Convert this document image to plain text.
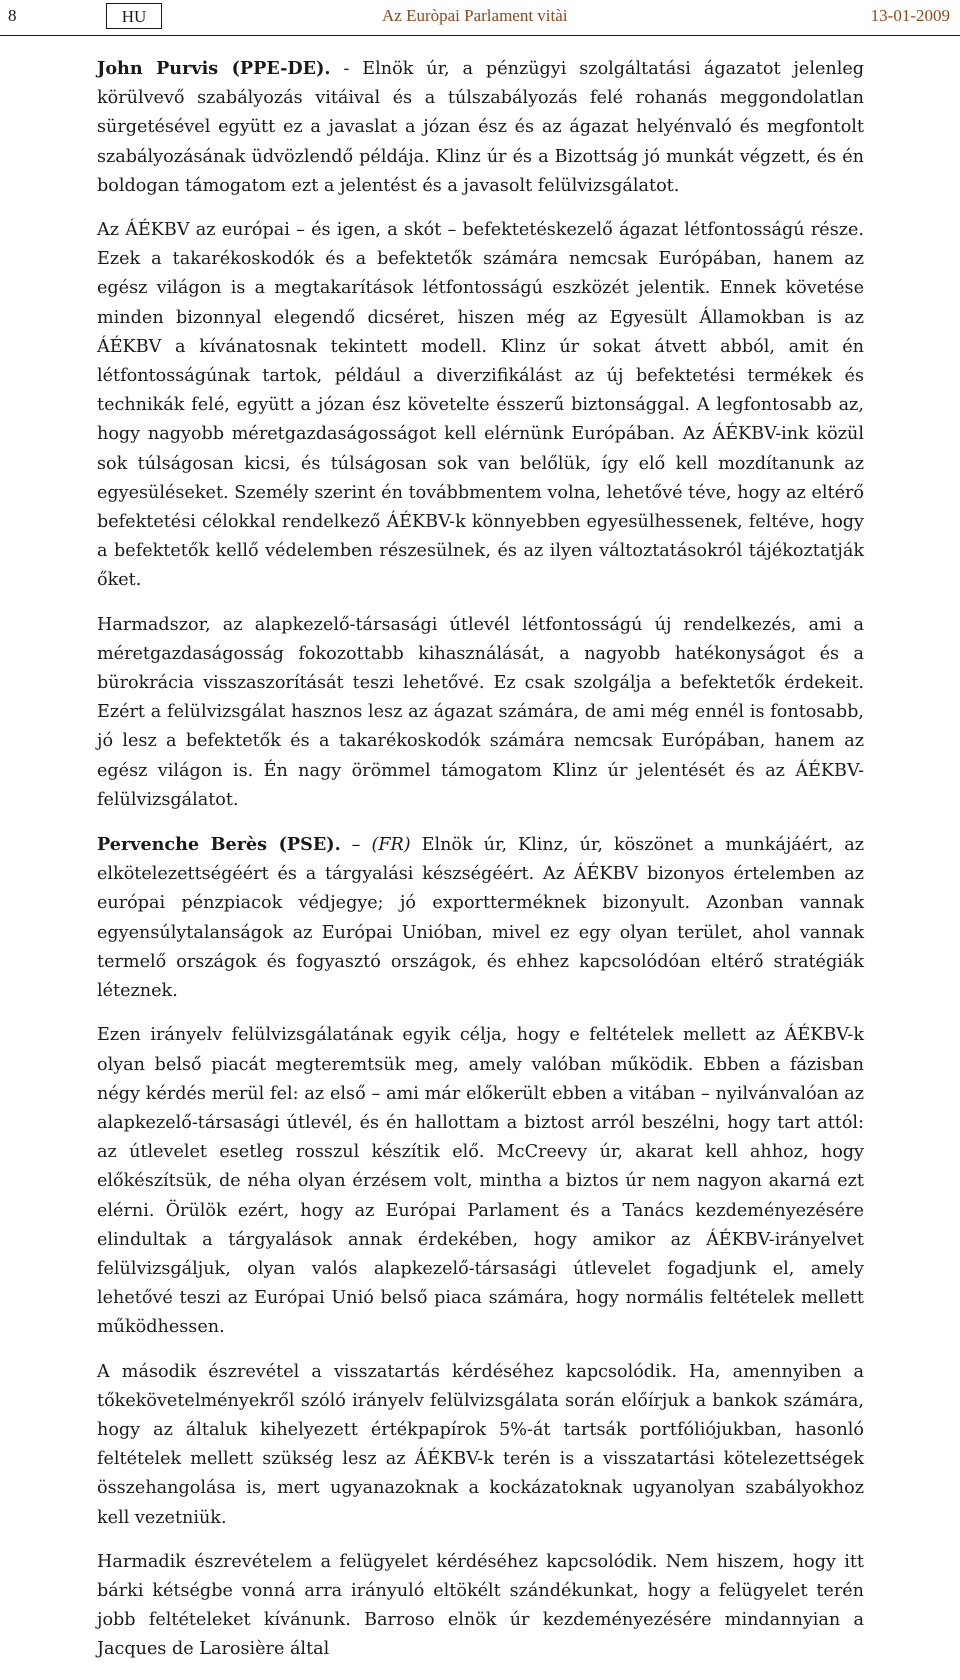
8	HU	Az Euròpai Parlament vitài	13-01-2009

John Purvis (PPE-DE). - Elnök úr, a pénzügyi szolgáltatási ágazatot jelenleg körülvevő szabályozás vitáival és a túlszabályozás felé rohanás meggondolatlan sürgetésével együtt ez a javaslat a józan ész és az ágazat helyénvaló és megfontolt szabályozásának üdvözlendő példája. Klinz úr és a Bizottság jó munkát végzett, és én boldogan támogatom ezt a jelentést és a javasolt felülvizsgálatot.

Az ÁÉKBV az európai – és igen, a skót – befektetéskezelő ágazat létfontosságú része. Ezek a takarékoskodók és a befektetők számára nemcsak Európában, hanem az egész világon is a megtakarítások létfontosságú eszközét jelentik. Ennek követése minden bizonnyal elegendő dicséret, hiszen még az Egyesült Államokban is az ÁÉKBV a kívánatosnak tekintett modell. Klinz úr sokat átvett abból, amit én létfontosságúnak tartok, például a diverzifikálást az új befektetési termékek és technikák felé, együtt a józan ész követelte ésszerű biztonsággal. A legfontosabb az, hogy nagyobb méretgazdaságosságot kell elérnünk Európában. Az ÁÉKBV-ink közül sok túlságosan kicsi, és túlságosan sok van belőlük, így elő kell mozdítanunk az egyesüléseket. Személy szerint én továbbmentem volna, lehetővé téve, hogy az eltérő befektetési célokkal rendelkező ÁÉKBV-k könnyebben egyesülhessenek, feltéve, hogy a befektetők kellő védelemben részesülnek, és az ilyen változtatásokról tájékoztatják őket.

Harmadszor, az alapkezelő-társasági útlevél létfontosságú új rendelkezés, ami a méretgazdaságosság fokozottabb kihasználását, a nagyobb hatékonyságot és a bürokrácia visszaszorítását teszi lehetővé. Ez csak szolgálja a befektetők érdekeit. Ezért a felülvizsgálat hasznos lesz az ágazat számára, de ami még ennél is fontosabb, jó lesz a befektetők és a takarékoskodók számára nemcsak Európában, hanem az egész világon is. Én nagy örömmel támogatom Klinz úr jelentését és az ÁÉKBV-felülvizsgálatot.

Pervenche Berès (PSE). – (FR) Elnök úr, Klinz, úr, köszönet a munkájáért, az elkötelezettségéért és a tárgyalási készségéért. Az ÁÉKBV bizonyos értelemben az európai pénzpiacok védjegye; jó exportterméknek bizonyult. Azonban vannak egyensúlytalanságok az Európai Unióban, mivel ez egy olyan terület, ahol vannak termelő országok és fogyasztó országok, és ehhez kapcsolódóan eltérő stratégiák léteznek.

Ezen irányelv felülvizsgálatának egyik célja, hogy e feltételek mellett az ÁÉKBV-k olyan belső piacát megteremtsük meg, amely valóban működik. Ebben a fázisban négy kérdés merül fel: az első – ami már előkerült ebben a vitában – nyilvánvalóan az alapkezelő-társasági útlevél, és én hallottam a biztost arról beszélni, hogy tart attól: az útlevelet esetleg rosszul készítik elő. McCreevy úr, akarat kell ahhoz, hogy előkészítsük, de néha olyan érzésem volt, mintha a biztos úr nem nagyon akarná ezt elérni. Örülök ezért, hogy az Európai Parlament és a Tanács kezdeményezésére elindultak a tárgyalások annak érdekében, hogy amikor az ÁÉKBV-irányelvet felülvizsgáljuk, olyan valós alapkezelő-társasági útlevelet fogadjunk el, amely lehetővé teszi az Európai Unió belső piaca számára, hogy normális feltételek mellett működhessen.

A második észrevétel a visszatartás kérdéséhez kapcsolódik. Ha, amennyiben a tőkekövetelményekről szóló irányelv felülvizsgálata során előírjuk a bankok számára, hogy az általuk kihelyezett értékpapírok 5%-át tartsák portfóliójukban, hasonló feltételek mellett szükség lesz az ÁÉKBV-k terén is a visszatartási kötelezettségek összehangolása is, mert ugyanazoknak a kockázatoknak ugyanolyan szabályokhoz kell vezetniük.

Harmadik észrevételem a felügyelet kérdéséhez kapcsolódik. Nem hiszem, hogy itt bárki kétségbe vonná arra irányuló eltökélt szándékunkat, hogy a felügyelet terén jobb feltételeket kívánunk. Barroso elnök úr kezdeményezésére mindannyian a Jacques de Larosière által
